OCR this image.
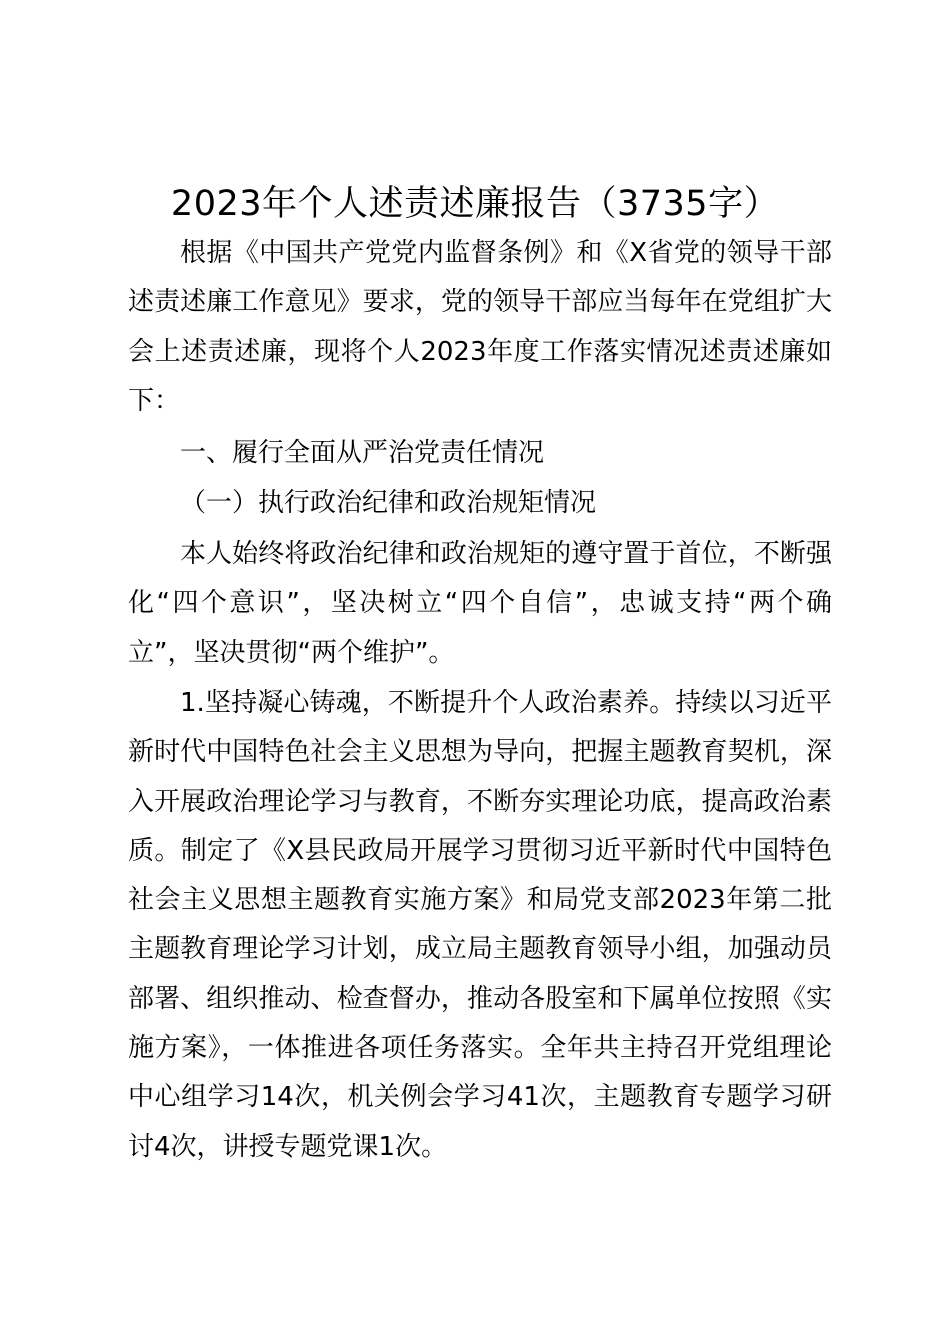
2023年个人述责述廉报告（3735字）

根据《中国共产党党内监督条例》和《X省党的领导干部述责述廉工作意见》要求，党的领导干部应当每年在党组扩大会上述责述廉，现将个人2023年度工作落实情况述责述廉如下：

一、履行全面从严治党责任情况

（一）执行政治纪律和政治规矩情况

本人始终将政治纪律和政治规矩的遵守置于首位，不断强化“四个意识”，坚决树立“四个自信”，忠诚支持“两个确立”，坚决贯彻“两个维护”。

1.坚持凝心铸魂，不断提升个人政治素养。持续以习近平新时代中国特色社会主义思想为导向，把握主题教育契机，深入开展政治理论学习与教育，不断夯实理论功底，提高政治素质。制定了《X县民政局开展学习贯彻习近平新时代中国特色社会主义思想主题教育实施方案》和局党支部2023年第二批主题教育理论学习计划，成立局主题教育领导小组，加强动员部署、组织推动、检查督办，推动各股室和下属单位按照《实施方案》，一体推进各项任务落实。全年共主持召开党组理论中心组学习14次，机关例会学习41次，主题教育专题学习研讨4次，讲授专题党课1次。
